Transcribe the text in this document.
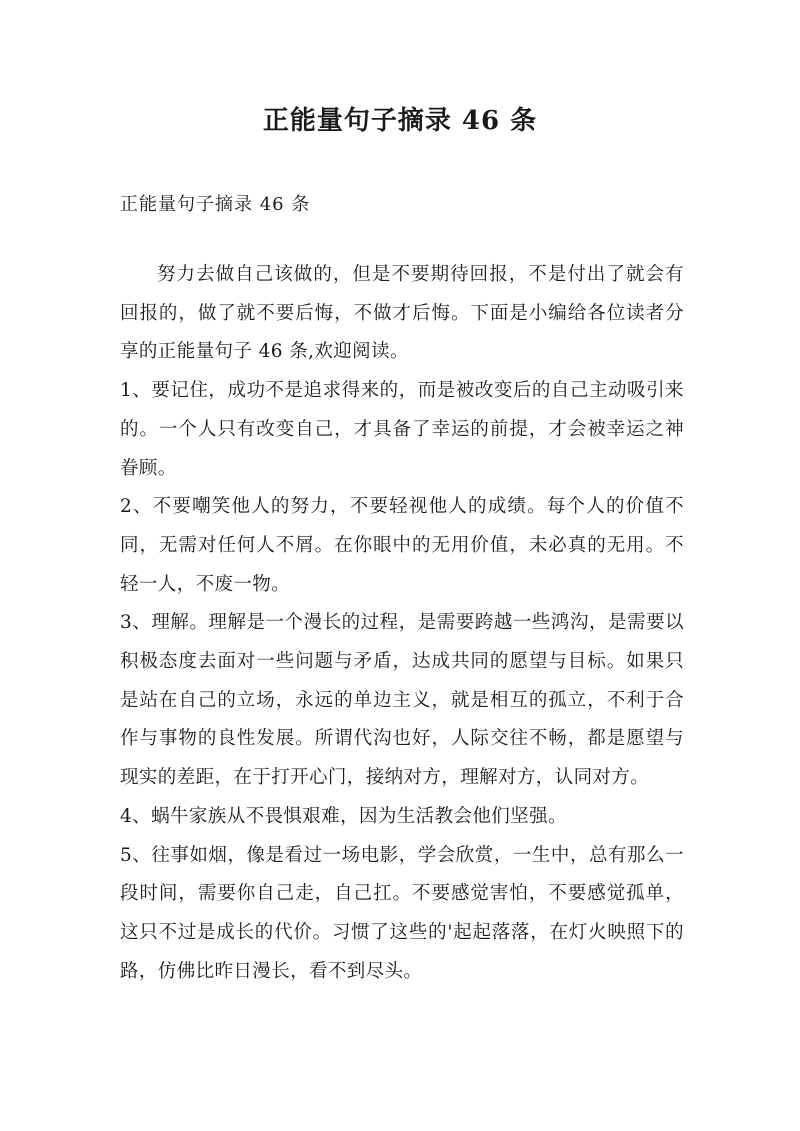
正能量句子摘录 46 条

正能量句子摘录 46 条

努力去做自己该做的，但是不要期待回报，不是付出了就会有回报的，做了就不要后悔，不做才后悔。下面是小编给各位读者分享的正能量句子 46 条,欢迎阅读。

1、要记住，成功不是追求得来的，而是被改变后的自己主动吸引来的。一个人只有改变自己，才具备了幸运的前提，才会被幸运之神眷顾。

2、不要嘲笑他人的努力，不要轻视他人的成绩。每个人的价值不同，无需对任何人不屑。在你眼中的无用价值，未必真的无用。不轻一人，不废一物。

3、理解。理解是一个漫长的过程，是需要跨越一些鸿沟，是需要以积极态度去面对一些问题与矛盾，达成共同的愿望与目标。如果只是站在自己的立场，永远的单边主义，就是相互的孤立，不利于合作与事物的良性发展。所谓代沟也好，人际交往不畅，都是愿望与现实的差距，在于打开心门，接纳对方，理解对方，认同对方。

4、蜗牛家族从不畏惧艰难，因为生活教会他们坚强。

5、往事如烟，像是看过一场电影，学会欣赏，一生中，总有那么一段时间，需要你自己走，自己扛。不要感觉害怕，不要感觉孤单，这只不过是成长的代价。习惯了这些的'起起落落，在灯火映照下的路，仿佛比昨日漫长，看不到尽头。
